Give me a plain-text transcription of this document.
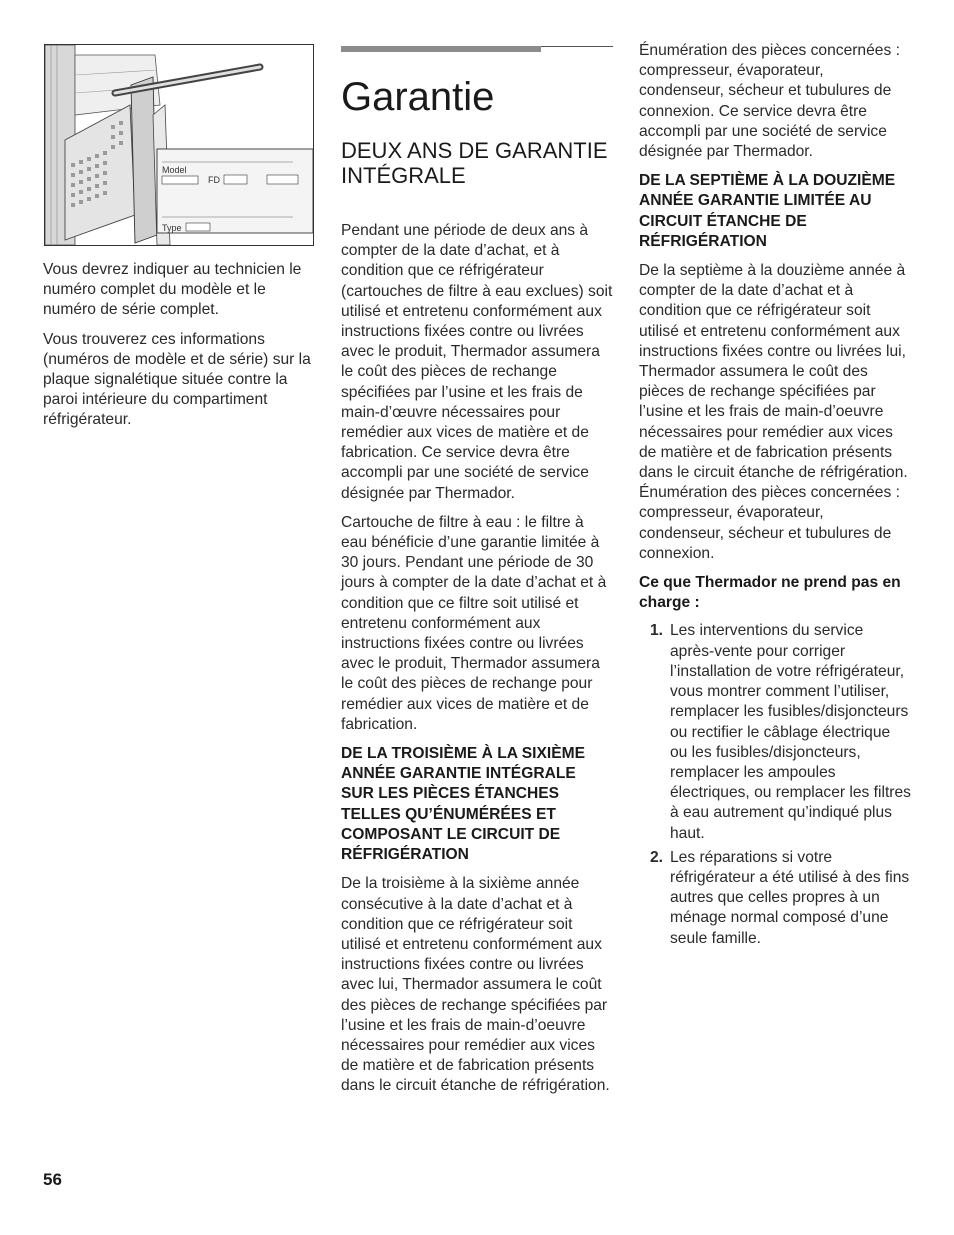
Model
FD
Type

Vous devrez indiquer au technicien le numéro complet du modèle et le numéro de série complet.

Vous trouverez ces informations (numéros de modèle et de série) sur la plaque signalétique située contre la paroi intérieure du compartiment réfrigérateur.

Garantie
DEUX ANS DE GARANTIE INTÉGRALE

Pendant une période de deux ans à compter de la date d’achat, et à condition que ce réfrigérateur (cartouches de filtre à eau exclues) soit utilisé et entretenu conformément aux instructions fixées contre ou livrées avec le produit, Thermador assumera le coût des pièces de rechange spécifiées par l’usine et les frais de main-d’œuvre nécessaires pour remédier aux vices de matière et de fabrication. Ce service devra être accompli par une société de service désignée par Thermador.

Cartouche de filtre à eau : le filtre à eau bénéficie d’une garantie limitée à 30 jours. Pendant une période de 30 jours à compter de la date d’achat et à condition que ce filtre soit utilisé et entretenu conformément aux instructions fixées contre ou livrées avec le produit, Thermador assumera le coût des pièces de rechange pour remédier aux vices de matière et de fabrication.

DE LA TROISIÈME À LA SIXIÈME ANNÉE GARANTIE INTÉGRALE SUR LES PIÈCES ÉTANCHES TELLES QU’ÉNUMÉRÉES ET COMPOSANT LE CIRCUIT DE RÉFRIGÉRATION

De la troisième à la sixième année consécutive à la date d’achat et à condition que ce réfrigérateur soit utilisé et entretenu conformément aux instructions fixées contre ou livrées avec lui, Thermador assumera le coût des pièces de rechange spécifiées par l’usine et les frais de main-d’oeuvre nécessaires pour remédier aux vices de matière et de fabrication présents dans le circuit étanche de réfrigération.

Énumération des pièces concernées : compresseur, évaporateur, condenseur, sécheur et tubulures de connexion. Ce service devra être accompli par une société de service désignée par Thermador.

DE LA SEPTIÈME À LA DOUZIÈME ANNÉE GARANTIE LIMITÉE AU CIRCUIT ÉTANCHE DE RÉFRIGÉRATION

De la septième à la douzième année à compter de la date d’achat et à condition que ce réfrigérateur soit utilisé et entretenu conformément aux instructions fixées contre ou livrées lui, Thermador assumera le coût des pièces de rechange spécifiées par l’usine et les frais de main-d’oeuvre nécessaires pour remédier aux vices de matière et de fabrication présents dans le circuit étanche de réfrigération. Énumération des pièces concernées : compresseur, évaporateur, condenseur, sécheur et tubulures de connexion.

Ce que Thermador ne prend pas en charge :

1. Les interventions du service après-vente pour corriger l’installation de votre réfrigérateur, vous montrer comment l’utiliser, remplacer les fusibles/disjoncteurs ou rectifier le câblage électrique ou les fusibles/disjoncteurs, remplacer les ampoules électriques, ou remplacer les filtres à eau autrement qu’indiqué plus haut.
2. Les réparations si votre réfrigérateur a été utilisé à des fins autres que celles propres à un ménage normal composé d’une seule famille.
56
